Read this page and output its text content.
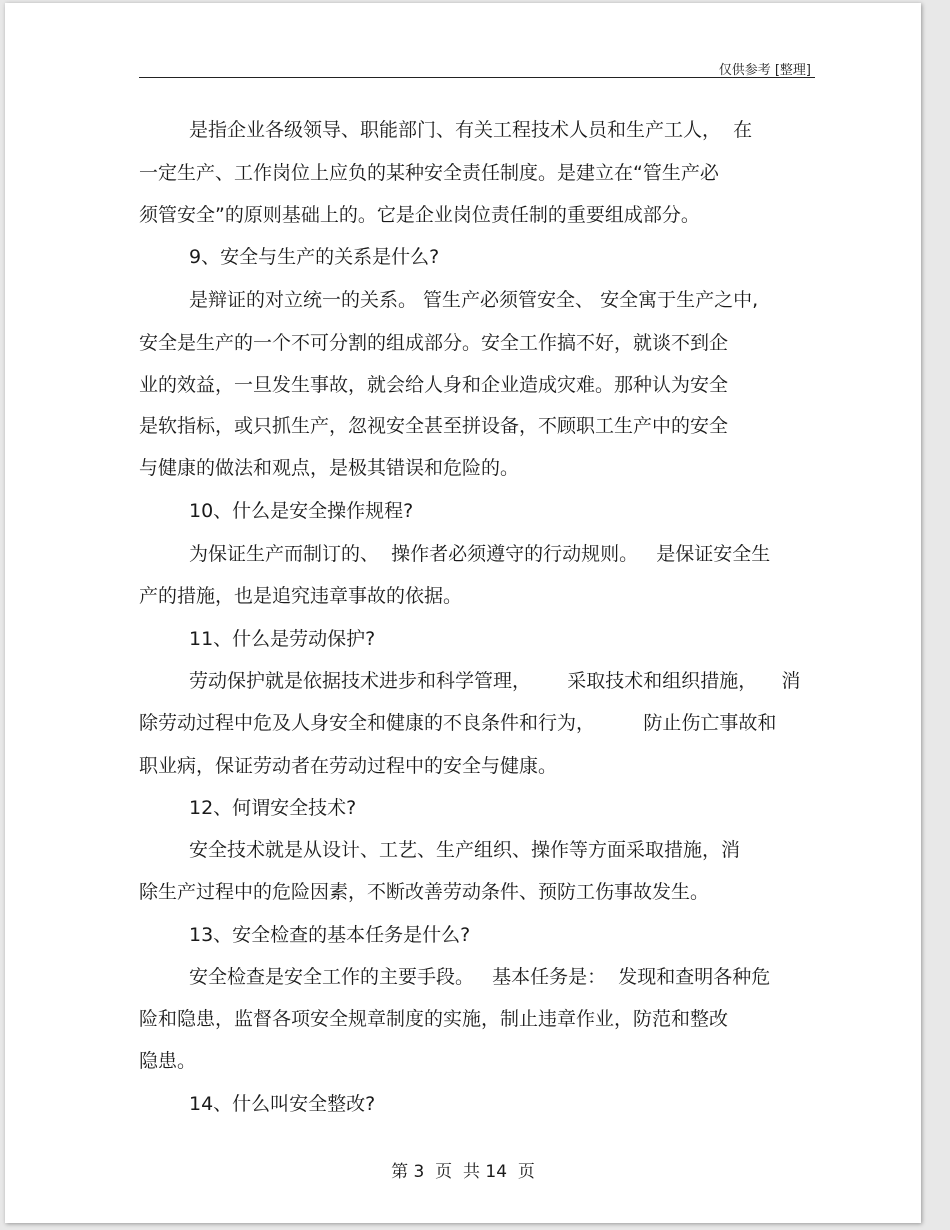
仅供参考 [整理]
是指企业各级领导、职能部门、有关工程技术人员和生产工人，  在
一定生产、工作岗位上应负的某种安全责任制度。是建立在“管生产必
须管安全”的原则基础上的。它是企业岗位责任制的重要组成部分。
9、安全与生产的关系是什么?
是辩证的对立统一的关系。 管生产必须管安全、 安全寓于生产之中,
安全是生产的一个不可分割的组成部分。安全工作搞不好，就谈不到企
业的效益，一旦发生事故，就会给人身和企业造成灾难。那种认为安全
是软指标，或只抓生产，忽视安全甚至拼设备，不顾职工生产中的安全
与健康的做法和观点，是极其错误和危险的。
10、什么是安全操作规程?
为保证生产而制订的、  操作者必须遵守的行动规则。   是保证安全生
产的措施，也是追究违章事故的依据。
11、什么是劳动保护?
劳动保护就是依据技术进步和科学管理，      采取技术和组织措施，    消
除劳动过程中危及人身安全和健康的不良条件和行为，        防止伤亡事故和
职业病，保证劳动者在劳动过程中的安全与健康。
12、何谓安全技术?
安全技术就是从设计、工艺、生产组织、操作等方面采取措施，消
除生产过程中的危险因素，不断改善劳动条件、预防工伤事故发生。
13、安全检查的基本任务是什么?
安全检查是安全工作的主要手段。   基本任务是：  发现和查明各种危
险和隐患，监督各项安全规章制度的实施，制止违章作业，防范和整改
隐患。
14、什么叫安全整改?
第 3  页  共 14  页
